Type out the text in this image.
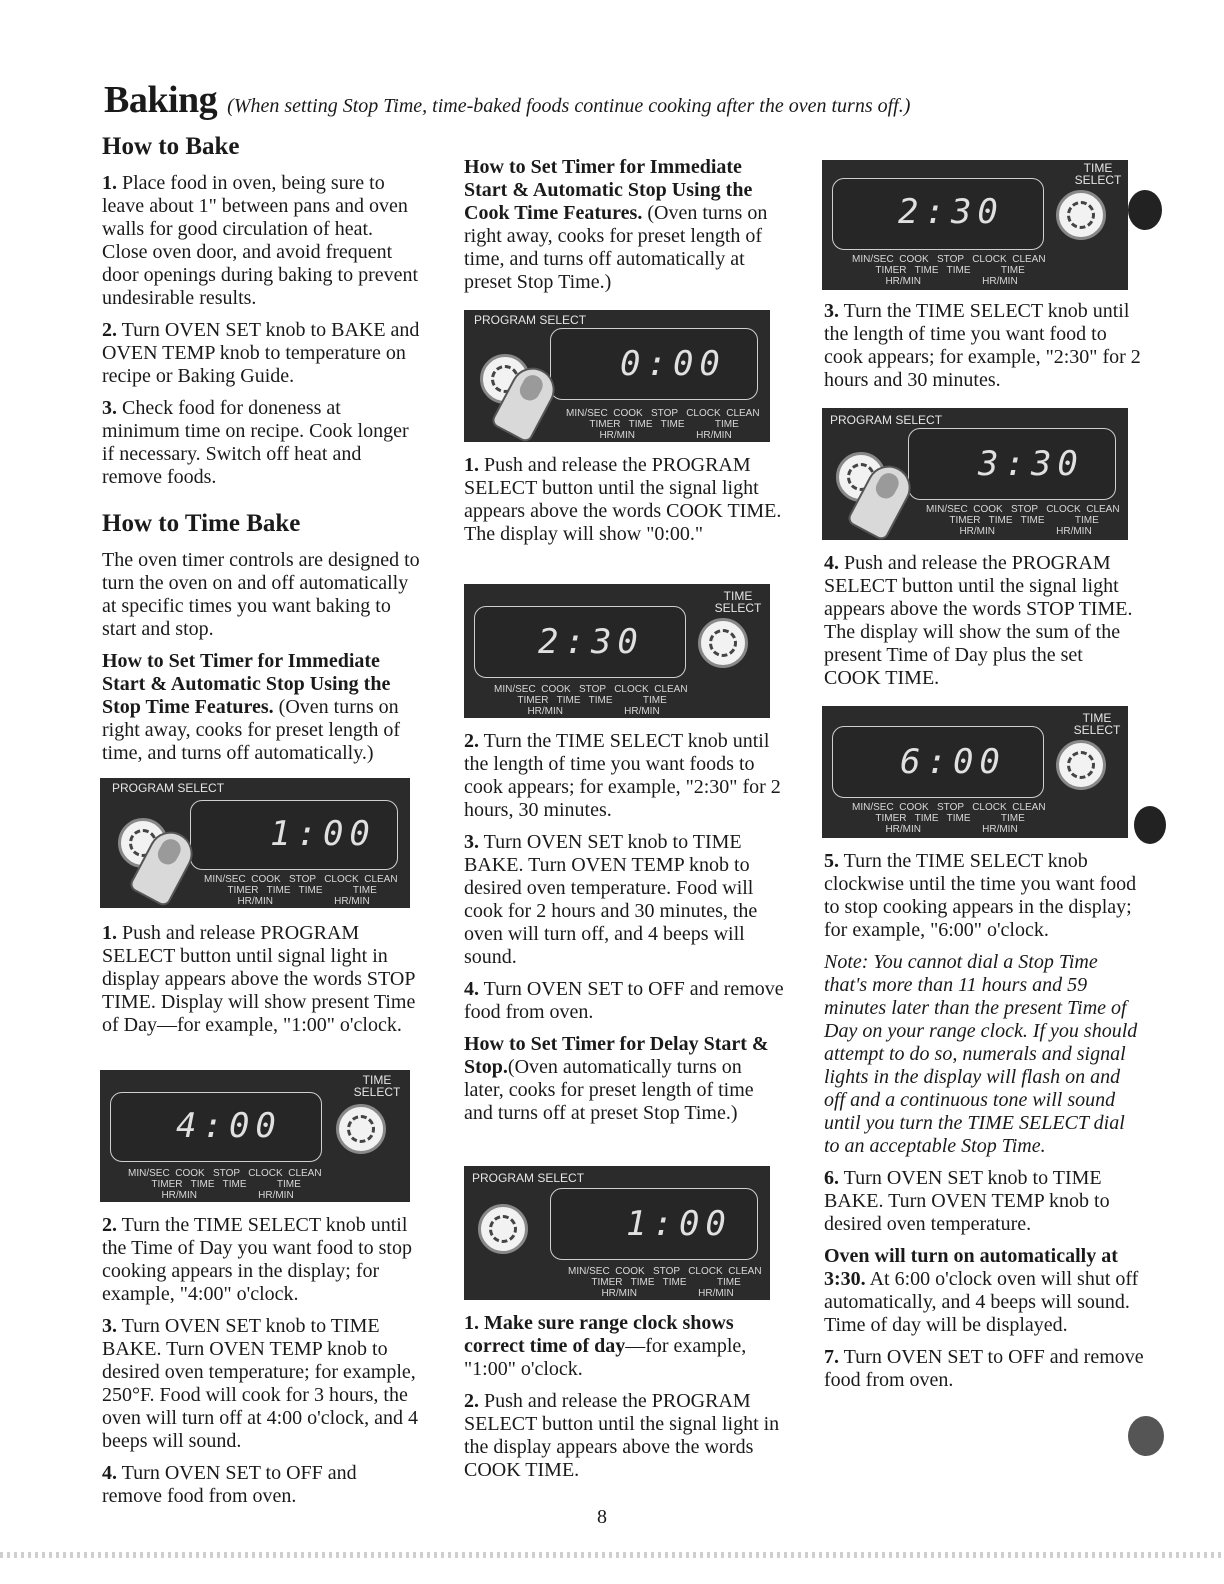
Baking (When setting Stop Time, time-baked foods continue cooking after the oven turns off.)

How to Bake

1. Place food in oven, being sure to leave about 1" between pans and oven walls for good circulation of heat. Close oven door, and avoid frequent door openings during baking to prevent undesirable results.

2. Turn OVEN SET knob to BAKE and OVEN TEMP knob to temperature on recipe or Baking Guide.

3. Check food for doneness at minimum time on recipe. Cook longer if necessary. Switch off heat and remove foods.

How to Time Bake

The oven timer controls are designed to turn the oven on and off automatically at specific times you want baking to start and stop.

How to Set Timer for Immediate Start & Automatic Stop Using the Stop Time Features. (Oven turns on right away, cooks for preset length of time, and turns off automatically.)

PROGRAM SELECT
1:00
MIN/SEC  COOK   STOP   CLOCK  CLEAN
TIMER   TIME   TIME           TIME
HR/MIN                      HR/MIN

1. Push and release PROGRAM SELECT button until signal light in display appears above the words STOP TIME. Display will show present Time of Day—for example, "1:00" o'clock.

TIME SELECT
4:00
MIN/SEC  COOK   STOP   CLOCK  CLEAN
TIMER   TIME   TIME           TIME
HR/MIN                      HR/MIN

2. Turn the TIME SELECT knob until the Time of Day you want food to stop cooking appears in the display; for example, "4:00" o'clock.

3. Turn OVEN SET knob to TIME BAKE. Turn OVEN TEMP knob to desired oven temperature; for example, 250°F. Food will cook for 3 hours, the oven will turn off at 4:00 o'clock, and 4 beeps will sound.

4. Turn OVEN SET to OFF and remove food from oven.

How to Set Timer for Immediate Start & Automatic Stop Using the Cook Time Features. (Oven turns on right away, cooks for preset length of time, and turns off automatically at preset Stop Time.)

PROGRAM SELECT
0:00
MIN/SEC  COOK   STOP   CLOCK  CLEAN
TIMER   TIME   TIME           TIME
HR/MIN                      HR/MIN

1. Push and release the PROGRAM SELECT button until the signal light appears above the words COOK TIME. The display will show "0:00."

TIME SELECT
2:30
MIN/SEC  COOK   STOP   CLOCK  CLEAN
TIMER   TIME   TIME           TIME
HR/MIN                      HR/MIN

2. Turn the TIME SELECT knob until the length of time you want foods to cook appears; for example, "2:30" for 2 hours, 30 minutes.

3. Turn OVEN SET knob to TIME BAKE. Turn OVEN TEMP knob to desired oven temperature. Food will cook for 2 hours and 30 minutes, the oven will turn off, and 4 beeps will sound.

4. Turn OVEN SET to OFF and remove food from oven.

How to Set Timer for Delay Start & Stop.(Oven automatically turns on later, cooks for preset length of time and turns off at preset Stop Time.)

PROGRAM SELECT
1:00
MIN/SEC  COOK   STOP   CLOCK  CLEAN
TIMER   TIME   TIME           TIME
HR/MIN                      HR/MIN

1. Make sure range clock shows correct time of day—for example, "1:00" o'clock.

2. Push and release the PROGRAM SELECT button until the signal light in the display appears above the words COOK TIME.

TIME SELECT
2:30
MIN/SEC  COOK   STOP   CLOCK  CLEAN
TIMER   TIME   TIME           TIME
HR/MIN                      HR/MIN

3. Turn the TIME SELECT knob until the length of time you want food to cook appears; for example, "2:30" for 2 hours and 30 minutes.

PROGRAM SELECT
3:30
MIN/SEC  COOK   STOP   CLOCK  CLEAN
TIMER   TIME   TIME           TIME
HR/MIN                      HR/MIN

4. Push and release the PROGRAM SELECT button until the signal light appears above the words STOP TIME. The display will show the sum of the present Time of Day plus the set COOK TIME.

TIME SELECT
6:00
MIN/SEC  COOK   STOP   CLOCK  CLEAN
TIMER   TIME   TIME           TIME
HR/MIN                      HR/MIN

5. Turn the TIME SELECT knob clockwise until the time you want food to stop cooking appears in the display; for example, "6:00" o'clock.

Note: You cannot dial a Stop Time that's more than 11 hours and 59 minutes later than the present Time of Day on your range clock. If you should attempt to do so, numerals and signal lights in the display will flash on and off and a continuous tone will sound until you turn the TIME SELECT dial to an acceptable Stop Time.

6. Turn OVEN SET knob to TIME BAKE. Turn OVEN TEMP knob to desired oven temperature.

Oven will turn on automatically at 3:30. At 6:00 o'clock oven will shut off automatically, and 4 beeps will sound. Time of day will be displayed.

7. Turn OVEN SET to OFF and remove food from oven.

8
